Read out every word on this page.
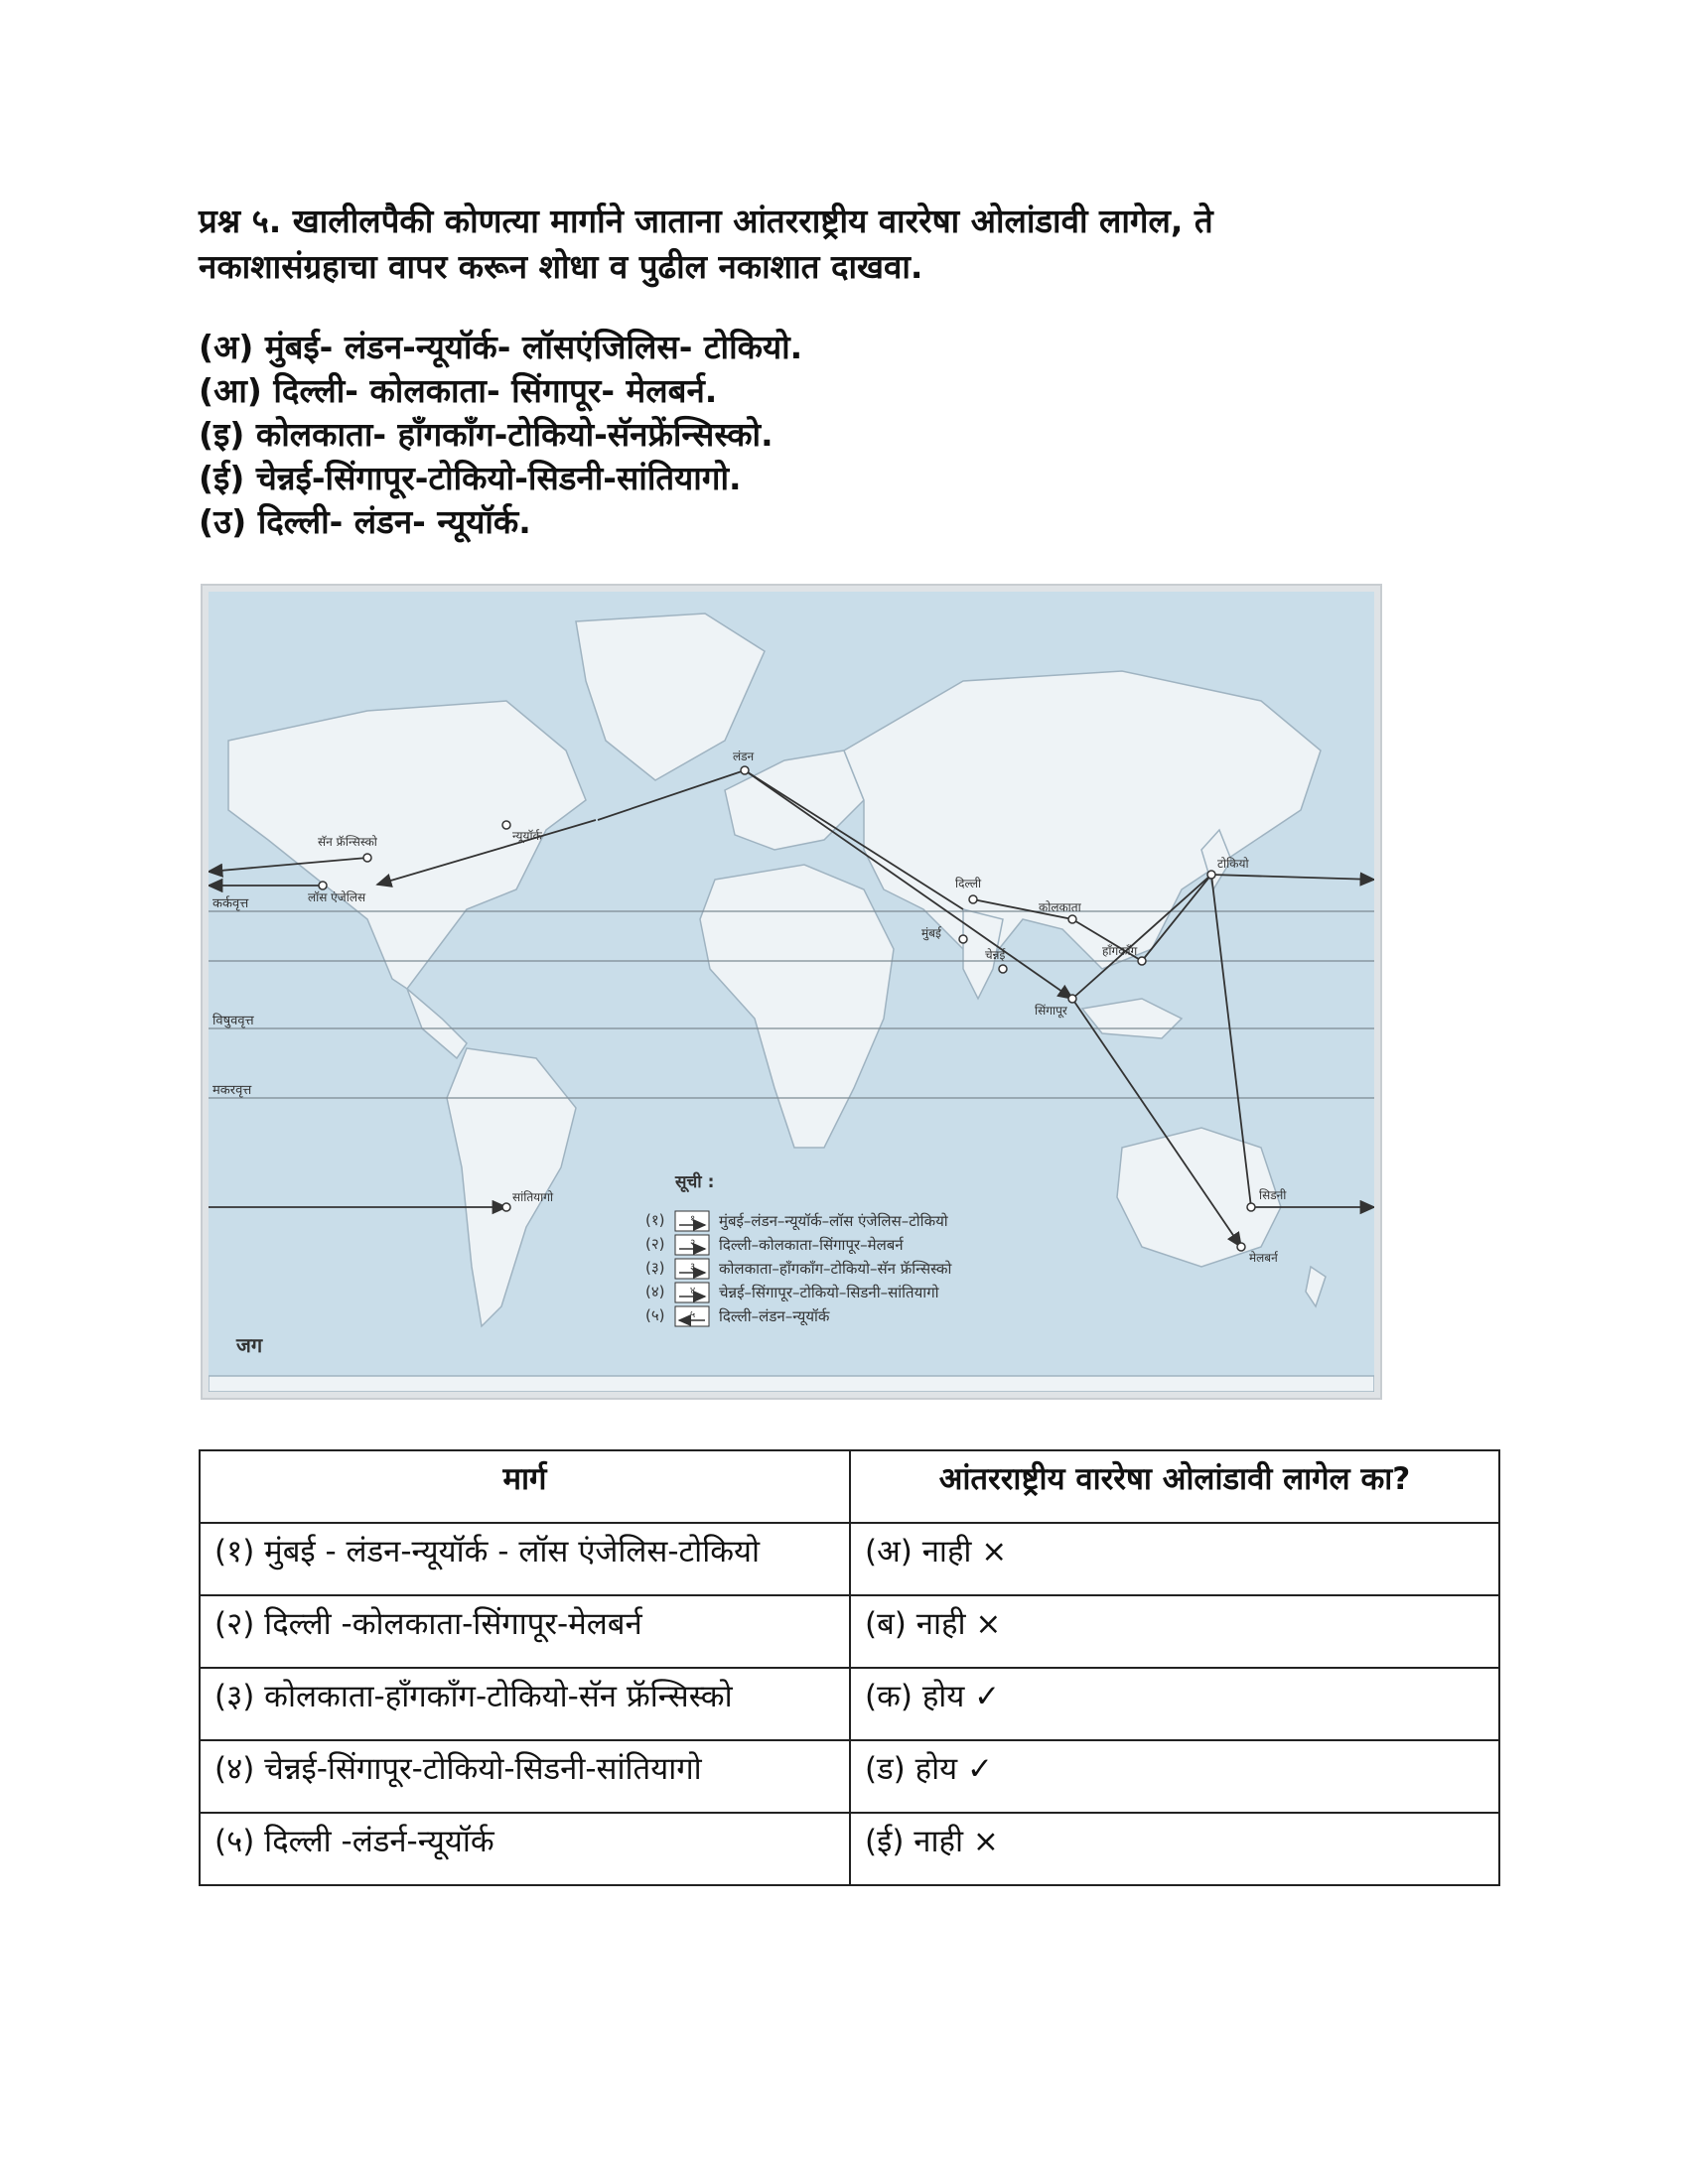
प्रश्न ५. खालीलपैकी कोणत्या मार्गाने जाताना आंतरराष्ट्रीय वाररेषा ओलांडावी लागेल, ते
नकाशासंग्रहाचा वापर करून शोधा व पुढील नकाशात दाखवा.
(अ) मुंबई- लंडन-न्यूयॉर्क- लॉसएंजिलिस- टोकियो.
(आ) दिल्ली- कोलकाता- सिंगापूर- मेलबर्न.
(इ) कोलकाता- हाँगकाँग-टोकियो-सॅनफ्रेंन्सिस्को.
(ई) चेन्नई-सिंगापूर-टोकियो-सिडनी-सांतियागो.
(उ) दिल्ली- लंडन- न्यूयॉर्क.
कर्कवृत्त
विषुववृत्त
मकरवृत्त
लंडन
सॅन फ्रॅन्सिस्को	न्यूयॉर्क
लॉस एंजेलिस
दिल्ली
कोलकाता
मुंबई
चेन्नई	हाँगकाँग
सिंगापूर
टोकियो
सिडनी
मेलबर्न
सांतियागो
जग
सूची :
(१)	१ मुंबई–लंडन–न्यूयॉर्क–लॉस एंजेलिस–टोकियो
(२)	२ दिल्ली–कोलकाता–सिंगापूर–मेलबर्न
(३)	३ कोलकाता–हाँगकाँग–टोकियो–सॅन फ्रॅन्सिस्को
(४)	४ चेन्नई–सिंगापूर–टोकियो–सिडनी–सांतियागो
(५)	५ दिल्ली–लंडन–न्यूयॉर्क
मार्ग	आंतरराष्ट्रीय वाररेषा ओलांडावी लागेल का?
(१) मुंबई - लंडन-न्यूयॉर्क - लॉस एंजेलिस-टोकियो	(अ) नाही ×
(२) दिल्ली -कोलकाता-सिंगापूर-मेलबर्न	(ब) नाही ×
(३) कोलकाता-हाँगकाँग-टोकियो-सॅन फ्रॅन्सिस्को	(क) होय ✓
(४) चेन्नई-सिंगापूर-टोकियो-सिडनी-सांतियागो	(ड) होय ✓
(५) दिल्ली -लंडर्न-न्यूयॉर्क	(ई) नाही ×
